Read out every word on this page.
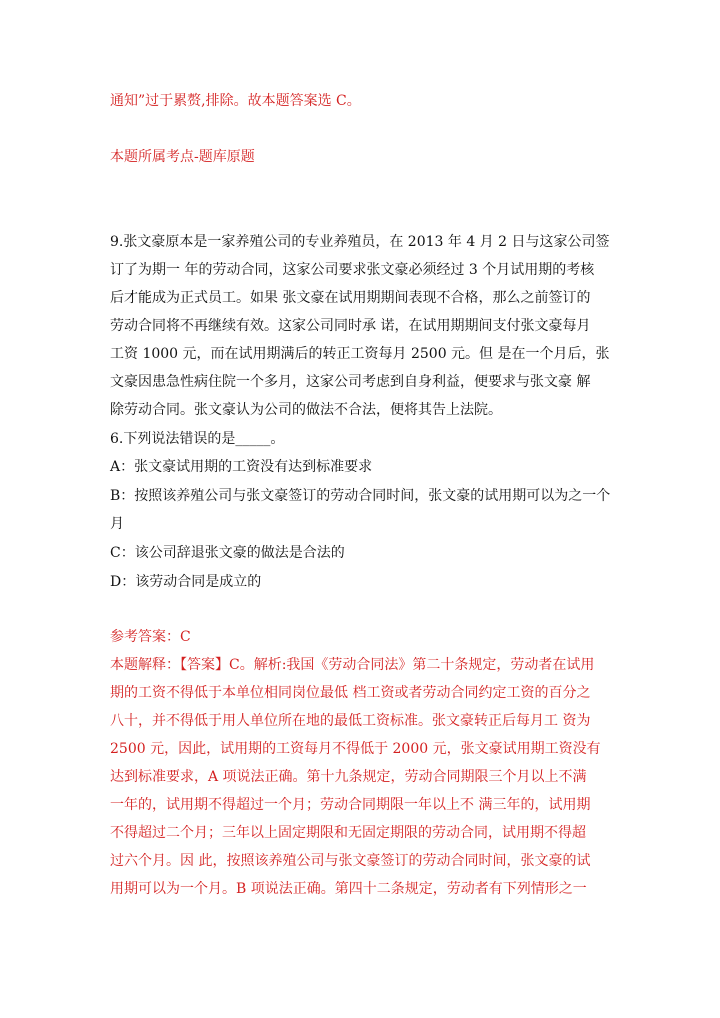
通知”过于累赘,排除。故本题答案选 C。
本题所属考点-题库原题
9.张文豪原本是一家养殖公司的专业养殖员，在 2013 年 4 月 2 日与这家公司签
订了为期一 年的劳动合同，这家公司要求张文豪必须经过 3 个月试用期的考核
后才能成为正式员工。如果 张文豪在试用期期间表现不合格，那么之前签订的
劳动合同将不再继续有效。这家公司同时承 诺，在试用期期间支付张文豪每月
工资 1000 元，而在试用期满后的转正工资每月 2500 元。但 是在一个月后，张
文豪因患急性病住院一个多月，这家公司考虑到自身利益，便要求与张文豪 解
除劳动合同。张文豪认为公司的做法不合法，便将其告上法院。
6.下列说法错误的是_____。
A：张文豪试用期的工资没有达到标准要求
B：按照该养殖公司与张文豪签订的劳动合同时间，张文豪的试用期可以为之一个
月
C：该公司辞退张文豪的做法是合法的
D：该劳动合同是成立的
参考答案：C
本题解释：【答案】C。解析:我国《劳动合同法》第二十条规定，劳动者在试用
期的工资不得低于本单位相同岗位最低 档工资或者劳动合同约定工资的百分之
八十，并不得低于用人单位所在地的最低工资标准。张文豪转正后每月工 资为
2500 元，因此，试用期的工资每月不得低于 2000 元，张文豪试用期工资没有
达到标准要求，A 项说法正确。第十九条规定，劳动合同期限三个月以上不满
一年的，试用期不得超过一个月；劳动合同期限一年以上不 满三年的，试用期
不得超过二个月；三年以上固定期限和无固定期限的劳动合同，试用期不得超
过六个月。因 此，按照该养殖公司与张文豪签订的劳动合同时间，张文豪的试
用期可以为一个月。B 项说法正确。第四十二条规定，劳动者有下列情形之一
